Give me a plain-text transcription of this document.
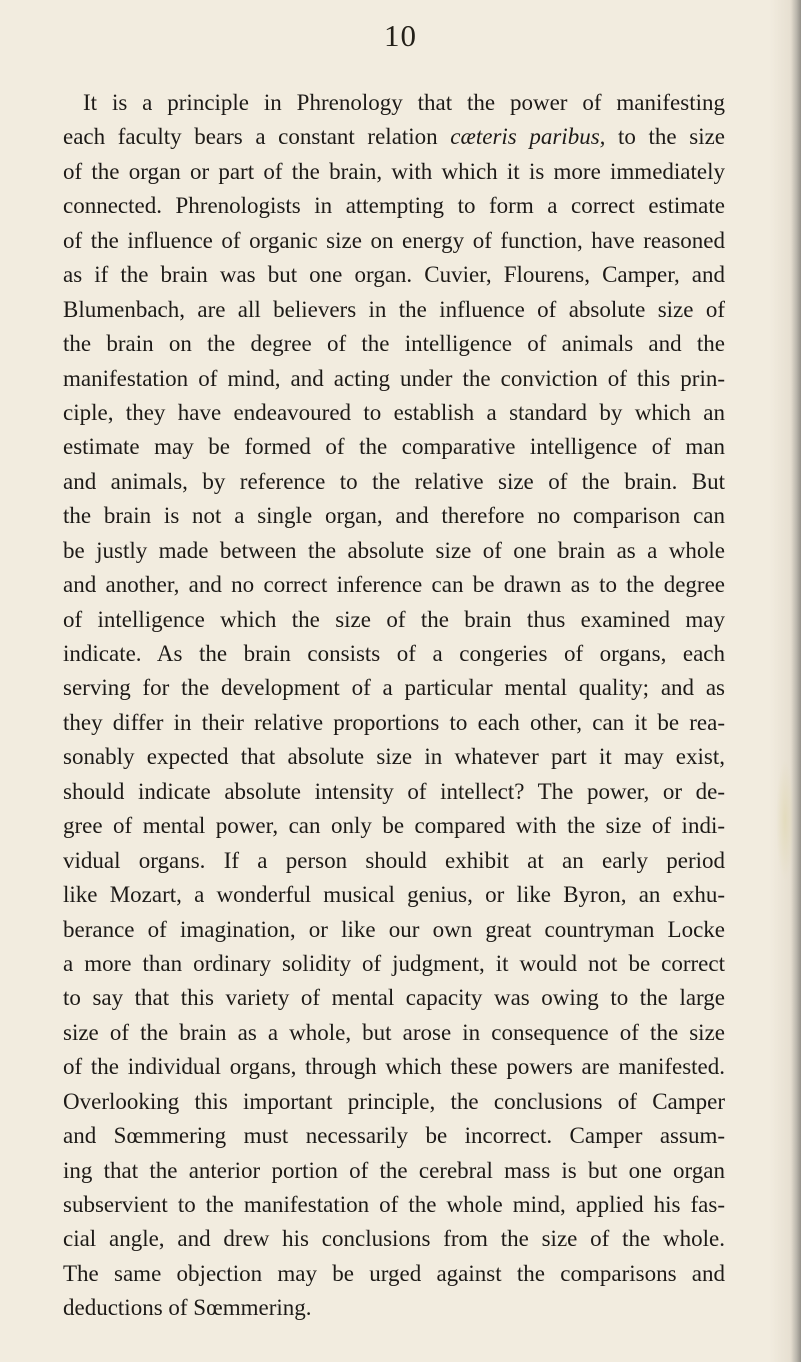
10
It is a principle in Phrenology that the power of manifesting
each faculty bears a constant relation cæteris paribus, to the size
of the organ or part of the brain, with which it is more immediately
connected. Phrenologists in attempting to form a correct estimate
of the influence of organic size on energy of function, have reasoned
as if the brain was but one organ. Cuvier, Flourens, Camper, and
Blumenbach, are all believers in the influence of absolute size of
the brain on the degree of the intelligence of animals and the
manifestation of mind, and acting under the conviction of this prin-
ciple, they have endeavoured to establish a standard by which an
estimate may be formed of the comparative intelligence of man
and animals, by reference to the relative size of the brain. But
the brain is not a single organ, and therefore no comparison can
be justly made between the absolute size of one brain as a whole
and another, and no correct inference can be drawn as to the degree
of intelligence which the size of the brain thus examined may
indicate. As the brain consists of a congeries of organs, each
serving for the development of a particular mental quality; and as
they differ in their relative proportions to each other, can it be rea-
sonably expected that absolute size in whatever part it may exist,
should indicate absolute intensity of intellect? The power, or de-
gree of mental power, can only be compared with the size of indi-
vidual organs. If a person should exhibit at an early period
like Mozart, a wonderful musical genius, or like Byron, an exhu-
berance of imagination, or like our own great countryman Locke
a more than ordinary solidity of judgment, it would not be correct
to say that this variety of mental capacity was owing to the large
size of the brain as a whole, but arose in consequence of the size
of the individual organs, through which these powers are manifested.
Overlooking this important principle, the conclusions of Camper
and Sœmmering must necessarily be incorrect. Camper assum-
ing that the anterior portion of the cerebral mass is but one organ
subservient to the manifestation of the whole mind, applied his fas-
cial angle, and drew his conclusions from the size of the whole.
The same objection may be urged against the comparisons and
deductions of Sœmmering.
